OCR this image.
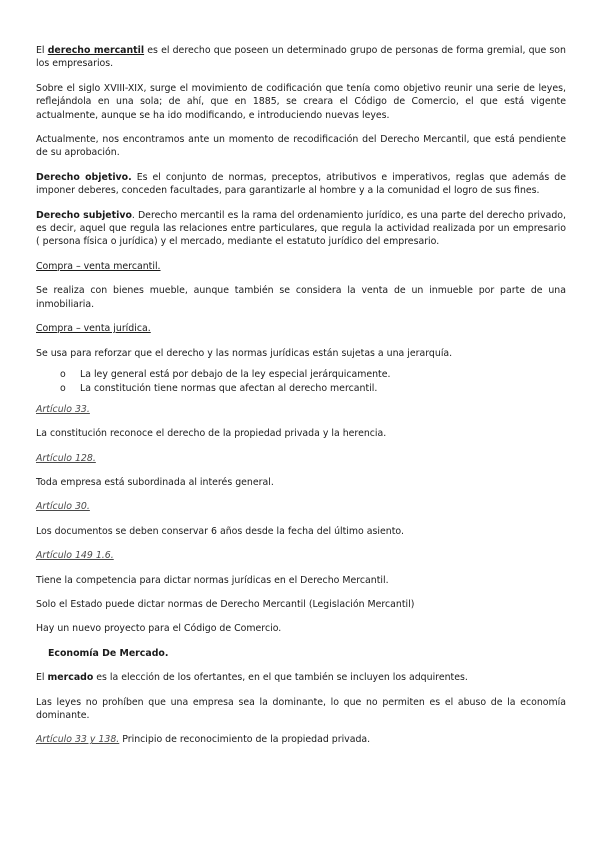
El derecho mercantil es el derecho que poseen un determinado grupo de personas de forma gremial, que son los empresarios.

Sobre el siglo XVIII-XIX, surge el movimiento de codificación que tenía como objetivo reunir una serie de leyes, reflejándola en una sola; de ahí, que en 1885, se creara el Código de Comercio, el que está vigente actualmente, aunque se ha ido modificando, e introduciendo nuevas leyes.

Actualmente, nos encontramos ante un momento de recodificación del Derecho Mercantil, que está pendiente de su aprobación.

Derecho objetivo. Es el conjunto de normas, preceptos, atributivos e imperativos, reglas que además de imponer deberes, conceden facultades, para garantizarle al hombre y a la comunidad el logro de sus fines.

Derecho subjetivo. Derecho mercantil es la rama del ordenamiento jurídico, es una parte del derecho privado, es decir, aquel que regula las relaciones entre particulares, que regula la actividad realizada por un empresario ( persona física o jurídica) y el mercado, mediante el estatuto jurídico del empresario.

Compra – venta mercantil.

Se realiza con bienes mueble, aunque también se considera la venta de un inmueble por parte de una inmobiliaria.

Compra – venta jurídica.

Se usa para reforzar que el derecho y las normas jurídicas están sujetas a una jerarquía.

o La ley general está por debajo de la ley especial jerárquicamente.
o La constitución tiene normas que afectan al derecho mercantil.

Artículo 33.

La constitución reconoce el derecho de la propiedad privada y la herencia.

Artículo 128.

Toda empresa está subordinada al interés general.

Artículo 30.

Los documentos se deben conservar 6 años desde la fecha del último asiento.

Artículo 149 1.6.

Tiene la competencia para dictar normas jurídicas en el Derecho Mercantil.

Solo el Estado puede dictar normas de Derecho Mercantil (Legislación Mercantil)

Hay un nuevo proyecto para el Código de Comercio.

Economía De Mercado.

El mercado es la elección de los ofertantes, en el que también se incluyen los adquirentes.

Las leyes no prohíben que una empresa sea la dominante, lo que no permiten es el abuso de la economía dominante.

Artículo 33 y 138. Principio de reconocimiento de la propiedad privada.
